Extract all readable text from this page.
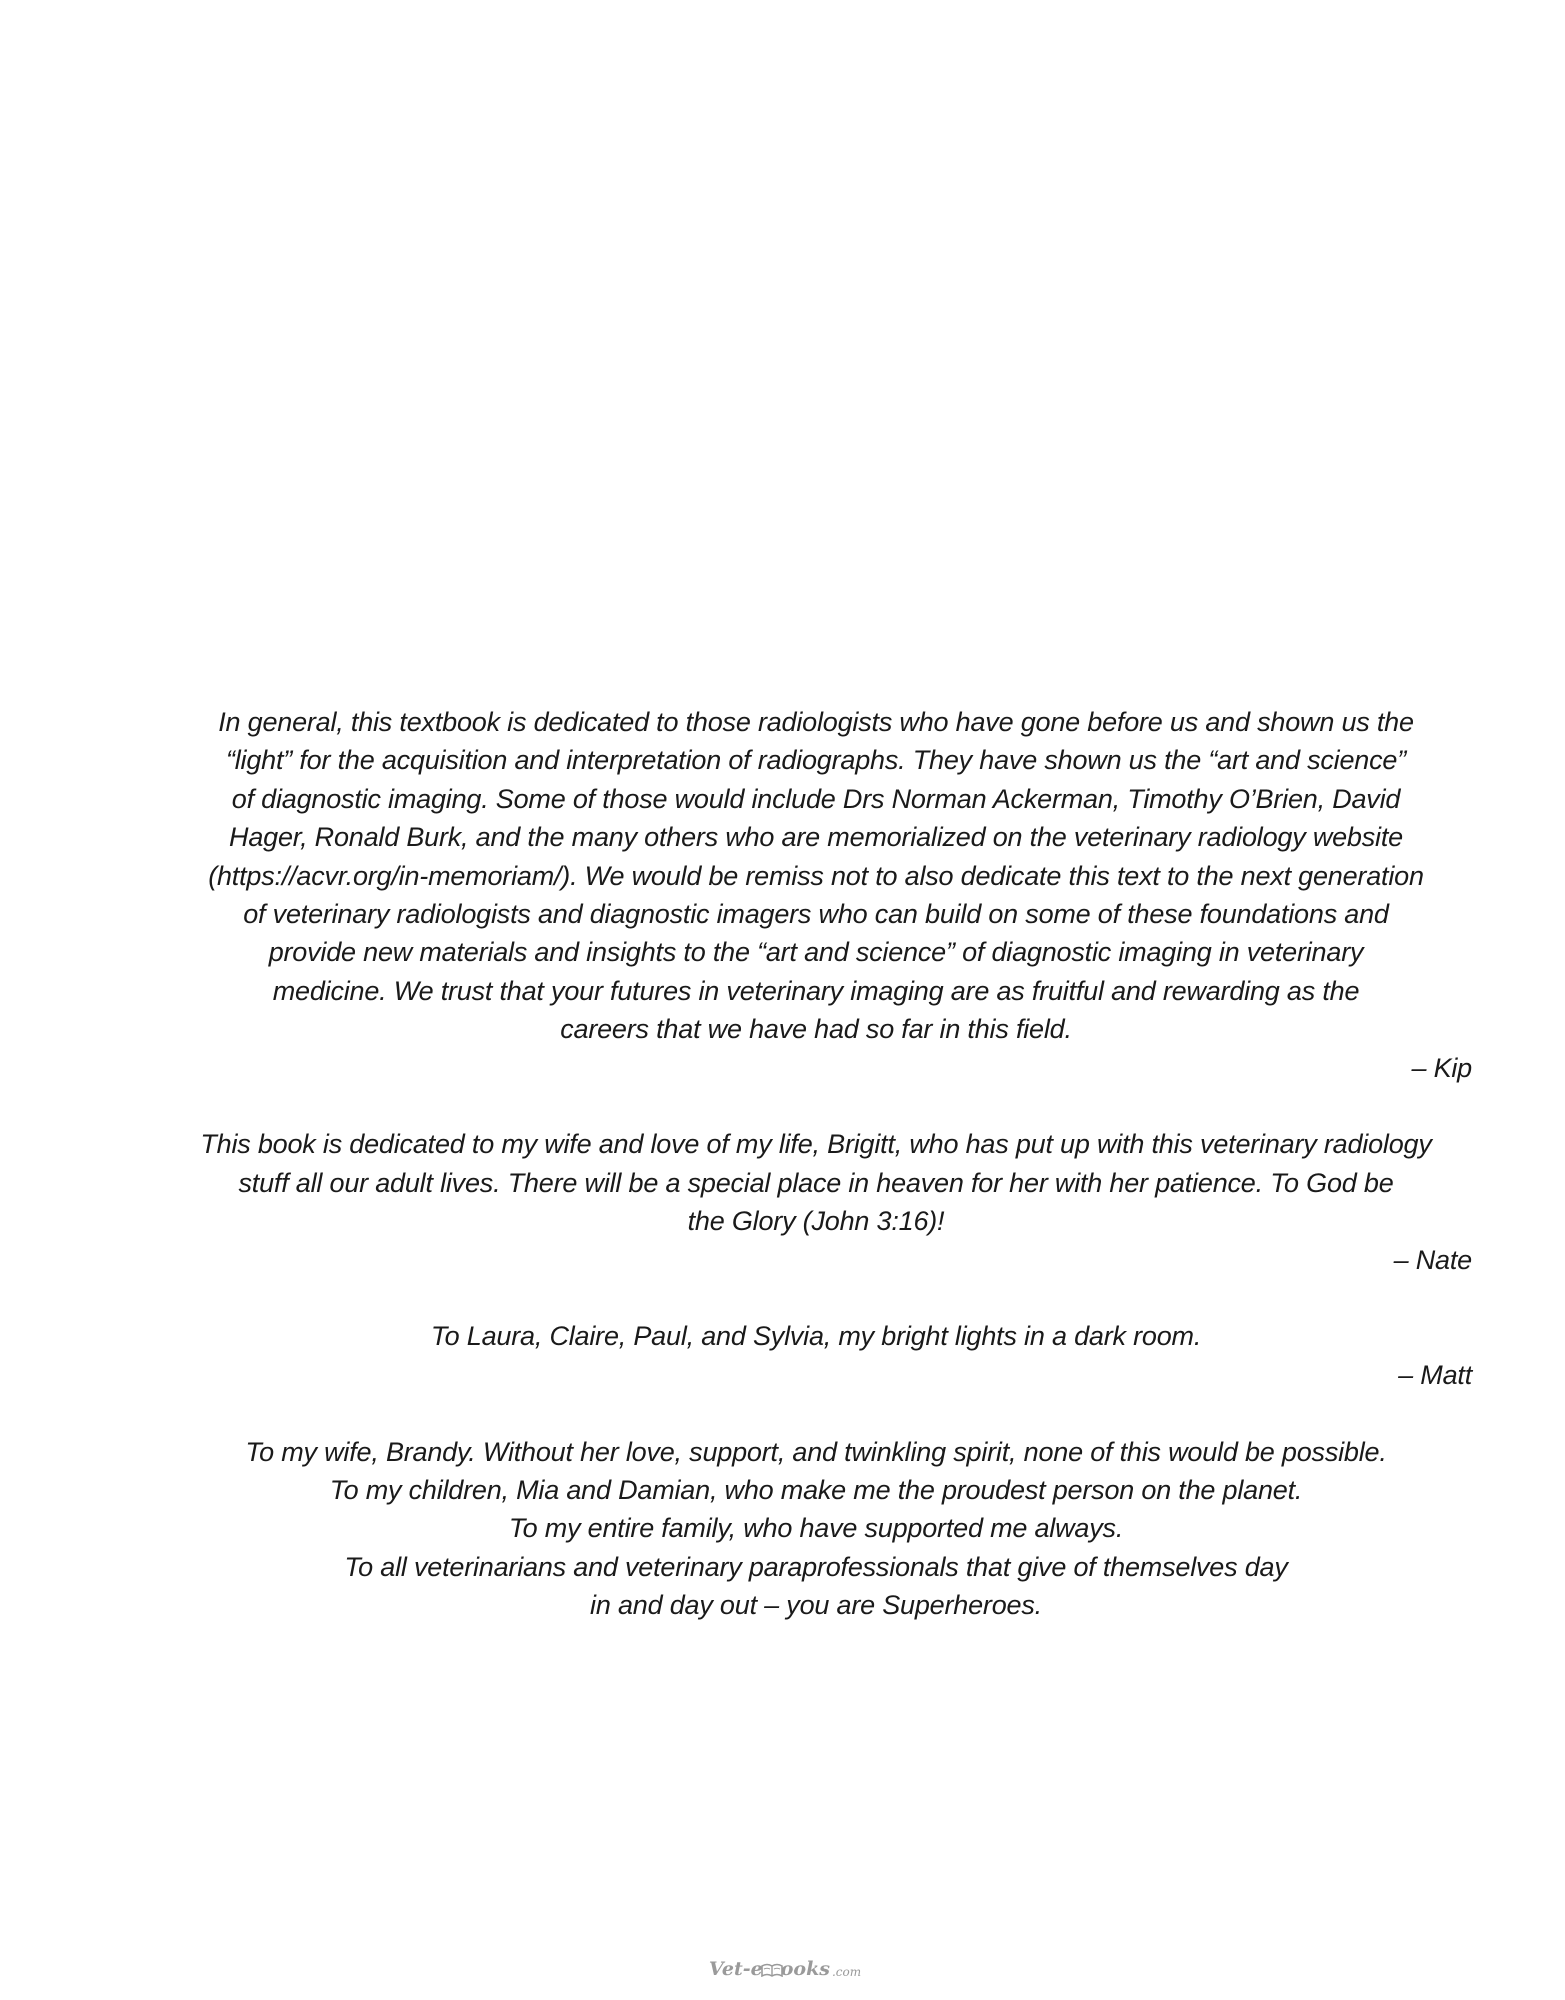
In general, this textbook is dedicated to those radiologists who have gone before us and shown us the
“light” for the acquisition and interpretation of radiographs. They have shown us the “art and science”
of diagnostic imaging. Some of those would include Drs Norman Ackerman, Timothy O’Brien, David
Hager, Ronald Burk, and the many others who are memorialized on the veterinary radiology website
(https://acvr.org/in-memoriam/). We would be remiss not to also dedicate this text to the next generation
of veterinary radiologists and diagnostic imagers who can build on some of these foundations and
provide new materials and insights to the “art and science” of diagnostic imaging in veterinary
medicine. We trust that your futures in veterinary imaging are as fruitful and rewarding as the
careers that we have had so far in this field.
– Kip
This book is dedicated to my wife and love of my life, Brigitt, who has put up with this veterinary radiology
stuff all our adult lives. There will be a special place in heaven for her with her patience. To God be
the Glory (John 3:16)!
– Nate
To Laura, Claire, Paul, and Sylvia, my bright lights in a dark room.
– Matt
To my wife, Brandy. Without her love, support, and twinkling spirit, none of this would be possible.
To my children, Mia and Damian, who make me the proudest person on the planet.
To my entire family, who have supported me always.
To all veterinarians and veterinary paraprofessionals that give of themselves day
in and day out – you are Superheroes.
Vet-e ooks .com
